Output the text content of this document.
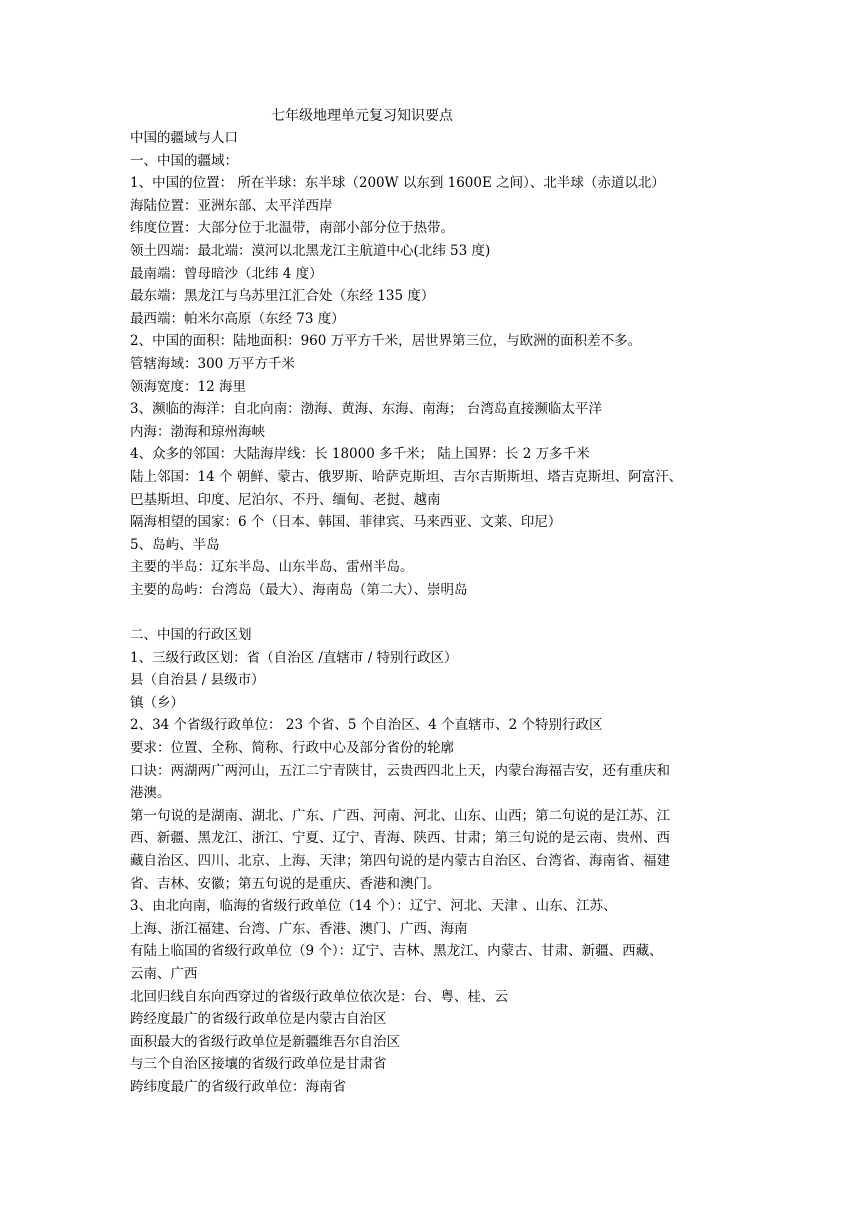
七年级地理单元复习知识要点
中国的疆域与人口
一、中国的疆域：
1、中国的位置： 所在半球：东半球（200W 以东到 1600E 之间）、北半球（赤道以北）
海陆位置：亚洲东部、太平洋西岸
纬度位置：大部分位于北温带，南部小部分位于热带。
领土四端：最北端：漠河以北黑龙江主航道中心(北纬 53 度)
最南端：曾母暗沙（北纬 4 度）
最东端：黑龙江与乌苏里江汇合处（东经 135 度）
最西端：帕米尔高原（东经 73 度）
2、中国的面积：陆地面积：960 万平方千米，居世界第三位，与欧洲的面积差不多。
管辖海域：300 万平方千米
领海宽度：12 海里
3、濒临的海洋：自北向南：渤海、黄海、东海、南海； 台湾岛直接濒临太平洋
内海：渤海和琼州海峡
4、众多的邻国：大陆海岸线：长 18000 多千米； 陆上国界：长 2 万多千米
陆上邻国：14 个 朝鲜、蒙古、俄罗斯、哈萨克斯坦、吉尔吉斯斯坦、塔吉克斯坦、阿富汗、
巴基斯坦、印度、尼泊尔、不丹、缅甸、老挝、越南
隔海相望的国家：6 个（日本、韩国、菲律宾、马来西亚、文莱、印尼）
5、岛屿、半岛
主要的半岛：辽东半岛、山东半岛、雷州半岛。
主要的岛屿：台湾岛（最大）、海南岛（第二大）、崇明岛
二、中国的行政区划
1、三级行政区划：省（自治区 /直辖市 / 特别行政区）
县（自治县 / 县级市）
镇（乡）
2、34 个省级行政单位： 23 个省、5 个自治区、4 个直辖市、2 个特别行政区
要求：位置、全称、简称、行政中心及部分省份的轮廓
口诀：两湖两广两河山，五江二宁青陕甘，云贵西四北上天，内蒙台海福吉安，还有重庆和
港澳。
第一句说的是湖南、湖北、广东、广西、河南、河北、山东、山西；第二句说的是江苏、江
西、新疆、黑龙江、浙江、宁夏、辽宁、青海、陕西、甘肃；第三句说的是云南、贵州、西
藏自治区、四川、北京、上海、天津；第四句说的是内蒙古自治区、台湾省、海南省、福建
省、吉林、安徽；第五句说的是重庆、香港和澳门。
3、由北向南，临海的省级行政单位（14 个）：辽宁、河北、天津 、山东、江苏、
上海、浙江福建、台湾、广东、香港、澳门、广西、海南
有陆上临国的省级行政单位（9 个）：辽宁、吉林、黑龙江、内蒙古、甘肃、新疆、西藏、
云南、广西
北回归线自东向西穿过的省级行政单位依次是：台、粤、桂、云
跨经度最广的省级行政单位是内蒙古自治区
面积最大的省级行政单位是新疆维吾尔自治区
与三个自治区接壤的省级行政单位是甘肃省
跨纬度最广的省级行政单位：海南省
